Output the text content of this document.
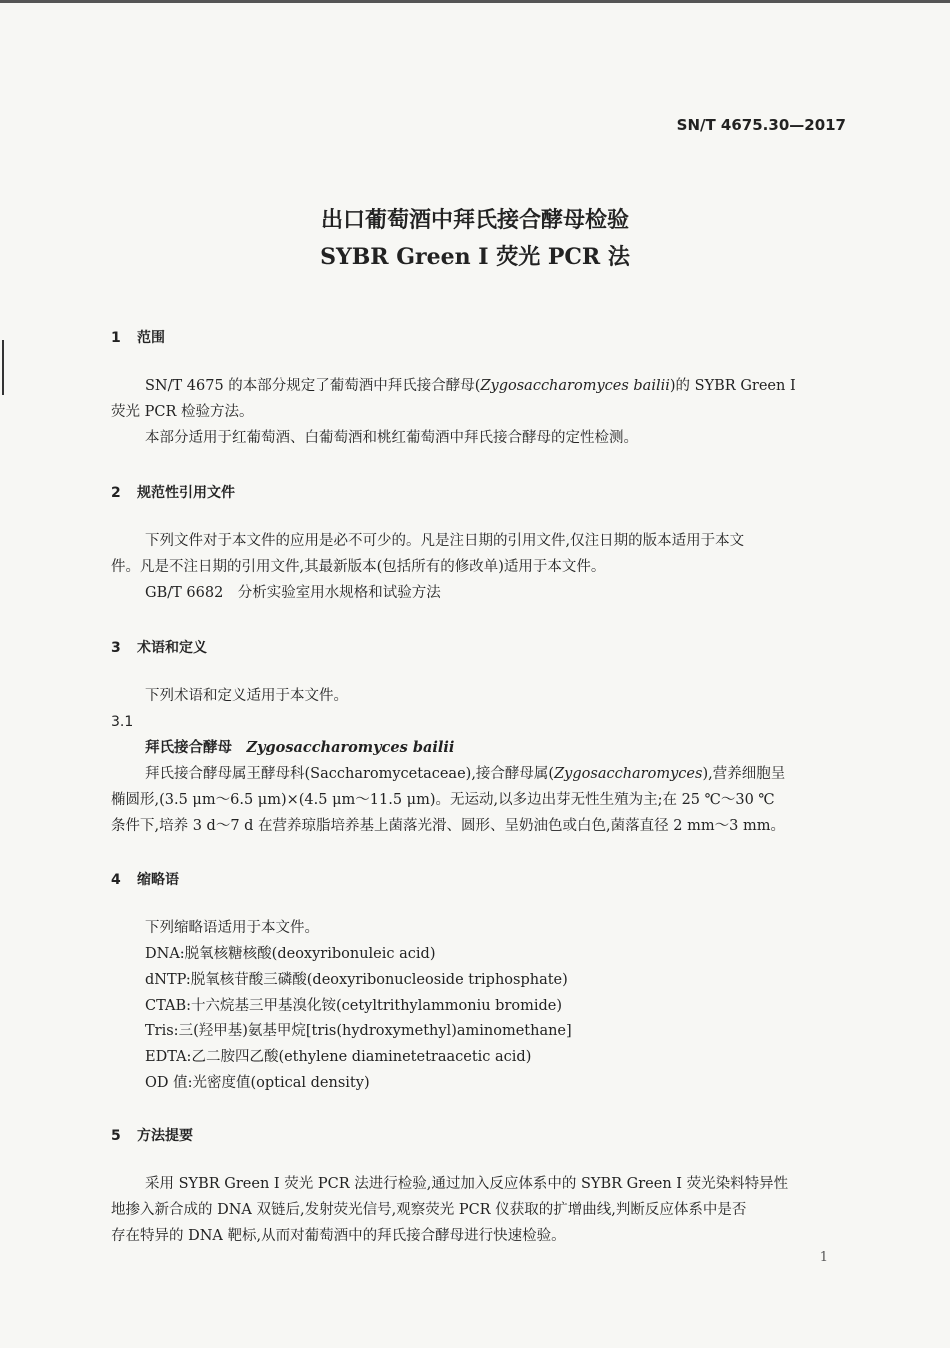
SN/T 4675.30—2017
出口葡萄酒中拜氏接合酵母检验
SYBR Green I 荧光 PCR 法
1 范围
SN/T 4675 的本部分规定了葡萄酒中拜氏接合酵母(Zygosaccharomyces bailii)的 SYBR Green I
荧光 PCR 检验方法。
本部分适用于红葡萄酒、白葡萄酒和桃红葡萄酒中拜氏接合酵母的定性检测。
2 规范性引用文件
下列文件对于本文件的应用是必不可少的。凡是注日期的引用文件,仅注日期的版本适用于本文
件。凡是不注日期的引用文件,其最新版本(包括所有的修改单)适用于本文件。
GB/T 6682　分析实验室用水规格和试验方法
3 术语和定义
下列术语和定义适用于本文件。
3.1
拜氏接合酵母　 Zygosaccharomyces bailii
拜氏接合酵母属王酵母科(Saccharomycetaceae),接合酵母属(Zygosaccharomyces),营养细胞呈
椭圆形,(3.5 μm～6.5 μm)×(4.5 μm～11.5 μm)。无运动,以多边出芽无性生殖为主;在 25 ℃～30 ℃
条件下,培养 3 d～7 d 在营养琼脂培养基上菌落光滑、圆形、呈奶油色或白色,菌落直径 2 mm～3 mm。
4 缩略语
下列缩略语适用于本文件。
DNA:脱氧核糖核酸(deoxyribonuleic acid)
dNTP:脱氧核苷酸三磷酸(deoxyribonucleoside triphosphate)
CTAB:十六烷基三甲基溴化铵(cetyltrithylammoniu bromide)
Tris:三(羟甲基)氨基甲烷[tris(hydroxymethyl)aminomethane]
EDTA:乙二胺四乙酸(ethylene diaminetetraacetic acid)
OD 值:光密度值(optical density)
5 方法提要
采用 SYBR Green I 荧光 PCR 法进行检验,通过加入反应体系中的 SYBR Green I 荧光染料特异性
地掺入新合成的 DNA 双链后,发射荧光信号,观察荧光 PCR 仪获取的扩增曲线,判断反应体系中是否
存在特异的 DNA 靶标,从而对葡萄酒中的拜氏接合酵母进行快速检验。
1
